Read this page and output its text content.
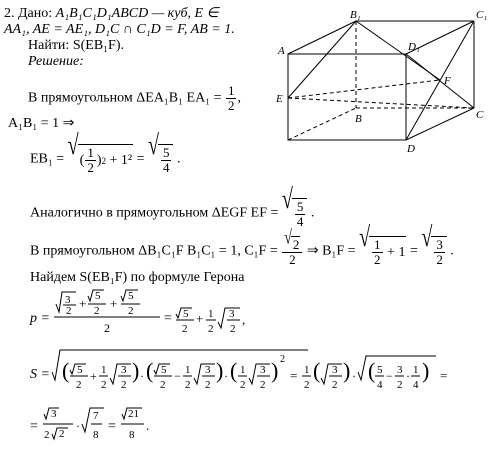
2. Дано: A₁B₁C₁D₁ABCD — куб, E ∈
AA₁, AE = AE₁, D₁C ∩ C₁D = F, AB = 1.
Найти: S(EB₁F).
Решение:
В прямоугольном ΔEA₁B₁ $EA_1 = \frac{1}{2}$ ,
A₁B₁ = 1 ⇒
EB₁ = √ ( $\frac{1}{2}$ ) 2
+ 1² = √ $\frac{5}{4}$ .
Аналогично в прямоугольном ΔEGF EF = √ $\frac{5}{4}$ .
В прямоугольном ΔB₁C₁F B₁C₁ = 1, $C_1F = \frac{√ 2}{2}$ ⇒ B₁F = √ $\frac{1}{2}$
+ 1 = √ $\frac{3}{2}$ .
Найдем S(EB₁F) по формуле Герона
p =
3
2 + 5
2 + 5
2
2
= 5
2
+ 1
2
3
2
,
S = ( 5
2
+ 1
2
3
2
) · ( 5
2
− 1
2
3
2
) · ( 1
2
3
2
) 2
= 1
2
( 3
2
) · ( 5
4
− 3
2
· 1
4
) =
=
3
2 2
·
7
8
=
21
8
.
A
B₁
D₁
C₁
E
F
B
D
C
